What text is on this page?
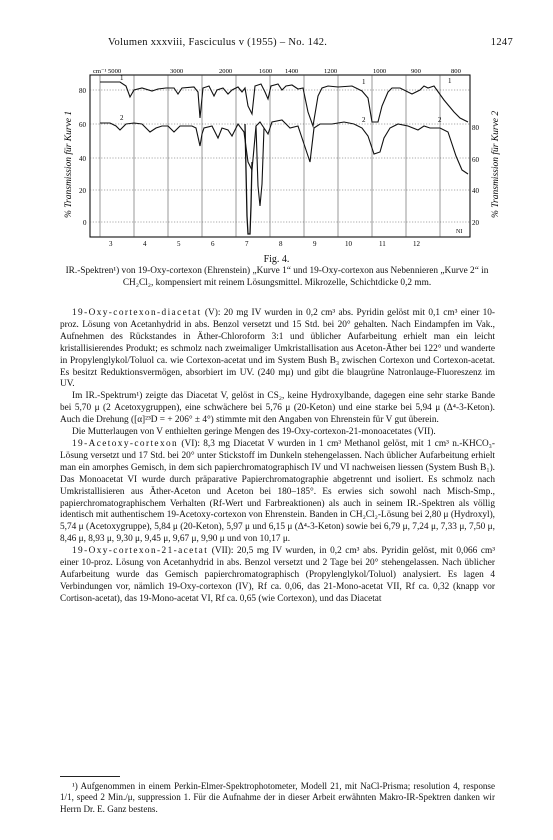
Volumen xxxviii, Fasciculus v (1955) – No. 142.	1247
% Transmission für Kurve 1	% Transmission für Kurve 2
cm⁻¹ 5000	3000	2000	1600 1400	1200	1000	900	800
80
60
40
20
0
80
60
40
20
3	4	5	6	7	8	9	10	11	12
1
2
1
2
1
2
NI
Fig. 4.
IR.-Spektren¹) von 19-Oxy-cortexon (Ehrenstein) „Kurve 1“ und 19-Oxy-cortexon aus Nebennieren „Kurve 2“ in CH₂Cl₂, kompensiert mit reinem Lösungsmittel. Mikrozelle, Schichtdicke 0,2 mm.

19-Oxy-cortexon-diacetat (V): 20 mg IV wurden in 0,2 cm³ abs. Pyridin gelöst mit 0,1 cm³ einer 10-proz. Lösung von Acetanhydrid in abs. Benzol versetzt und 15 Std. bei 20° gehalten. Nach Eindampfen im Vak., Aufnehmen des Rückstandes in Äther-Chloroform 3:1 und üblicher Aufarbeitung erhielt man ein leicht kristallisierendes Produkt; es schmolz nach zweimaliger Umkristallisation aus Aceton-Äther bei 122° und wanderte in Propylenglykol/Toluol ca. wie Cortexon-acetat und im System Bush B₃ zwischen Cortexon und Cortexon-acetat. Es besitzt Reduktionsvermögen, absorbiert im UV. (240 mμ) und gibt die blaugrüne Natronlauge-Fluoreszenz im UV.

Im IR.-Spektrum¹) zeigte das Diacetat V, gelöst in CS₂, keine Hydroxylbande, dagegen eine sehr starke Bande bei 5,70 μ (2 Acetoxygruppen), eine schwächere bei 5,76 μ (20-Keton) und eine starke bei 5,94 μ (Δ⁴-3-Keton). Auch die Drehung ([α]²³D = + 206° ± 4°) stimmte mit den Angaben von Ehrenstein für V gut überein.

Die Mutterlaugen von V enthielten geringe Mengen des 19-Oxy-cortexon-21-monoacetates (VII).

19-Acetoxy-cortexon (VI): 8,3 mg Diacetat V wurden in 1 cm³ Methanol gelöst, mit 1 cm³ n.-KHCO₃-Lösung versetzt und 17 Std. bei 20° unter Stickstoff im Dunkeln stehengelassen. Nach üblicher Aufarbeitung erhielt man ein amorphes Gemisch, in dem sich papierchromatographisch IV und VI nachweisen liessen (System Bush B₁). Das Monoacetat VI wurde durch präparative Papierchromatographie abgetrennt und isoliert. Es schmolz nach Umkristallisieren aus Äther-Aceton und Aceton bei 180–185°. Es erwies sich sowohl nach Misch-Smp., papierchromatographischem Verhalten (Rf-Wert und Farbreaktionen) als auch in seinem IR.-Spektren als völlig identisch mit authentischem 19-Acetoxy-cortexon von Ehrenstein. Banden in CH₂Cl₂-Lösung bei 2,80 μ (Hydroxyl), 5,74 μ (Acetoxygruppe), 5,84 μ (20-Keton), 5,97 μ und 6,15 μ (Δ⁴-3-Keton) sowie bei 6,79 μ, 7,24 μ, 7,33 μ, 7,50 μ, 8,46 μ, 8,93 μ, 9,30 μ, 9,45 μ, 9,67 μ, 9,90 μ und von 10,17 μ.

19-Oxy-cortexon-21-acetat (VII): 20,5 mg IV wurden, in 0,2 cm³ abs. Pyridin gelöst, mit 0,066 cm³ einer 10-proz. Lösung von Acetanhydrid in abs. Benzol versetzt und 2 Tage bei 20° stehengelassen. Nach üblicher Aufarbeitung wurde das Gemisch papierchromatographisch (Propylenglykol/Toluol) analysiert. Es lagen 4 Verbindungen vor, nämlich 19-Oxy-cortexon (IV), Rf ca. 0,06, das 21-Mono-acetat VII, Rf ca. 0,32 (knapp vor Cortison-acetat), das 19-Mono-acetat VI, Rf ca. 0,65 (wie Cortexon), und das Diacetat

¹) Aufgenommen in einem Perkin-Elmer-Spektrophotometer, Modell 21, mit NaCl-Prisma; resolution 4, response 1/1, speed 2 Min./μ, suppression 1. Für die Aufnahme der in dieser Arbeit erwähnten Makro-IR-Spektren danken wir Herrn Dr. E. Ganz bestens.
